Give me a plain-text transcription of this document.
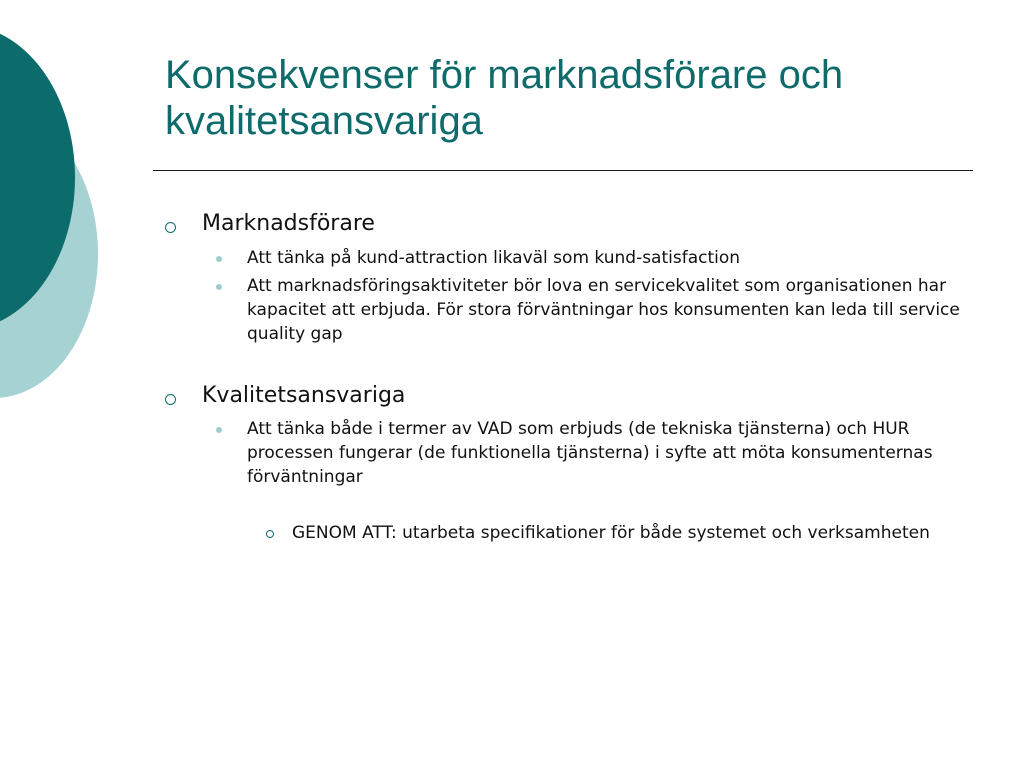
Konsekvenser för marknadsförare och kvalitetsansvariga
Marknadsförare
Att tänka på kund-attraction likaväl som kund-satisfaction
Att marknadsföringsaktiviteter bör lova en servicekvalitet som organisationen har kapacitet att erbjuda. För stora förväntningar hos konsumenten kan leda till service quality gap
Kvalitetsansvariga
Att tänka både i termer av VAD som erbjuds (de tekniska tjänsterna) och HUR processen fungerar (de funktionella tjänsterna) i syfte att möta konsumenternas förväntningar
GENOM ATT: utarbeta specifikationer för både systemet och verksamheten
